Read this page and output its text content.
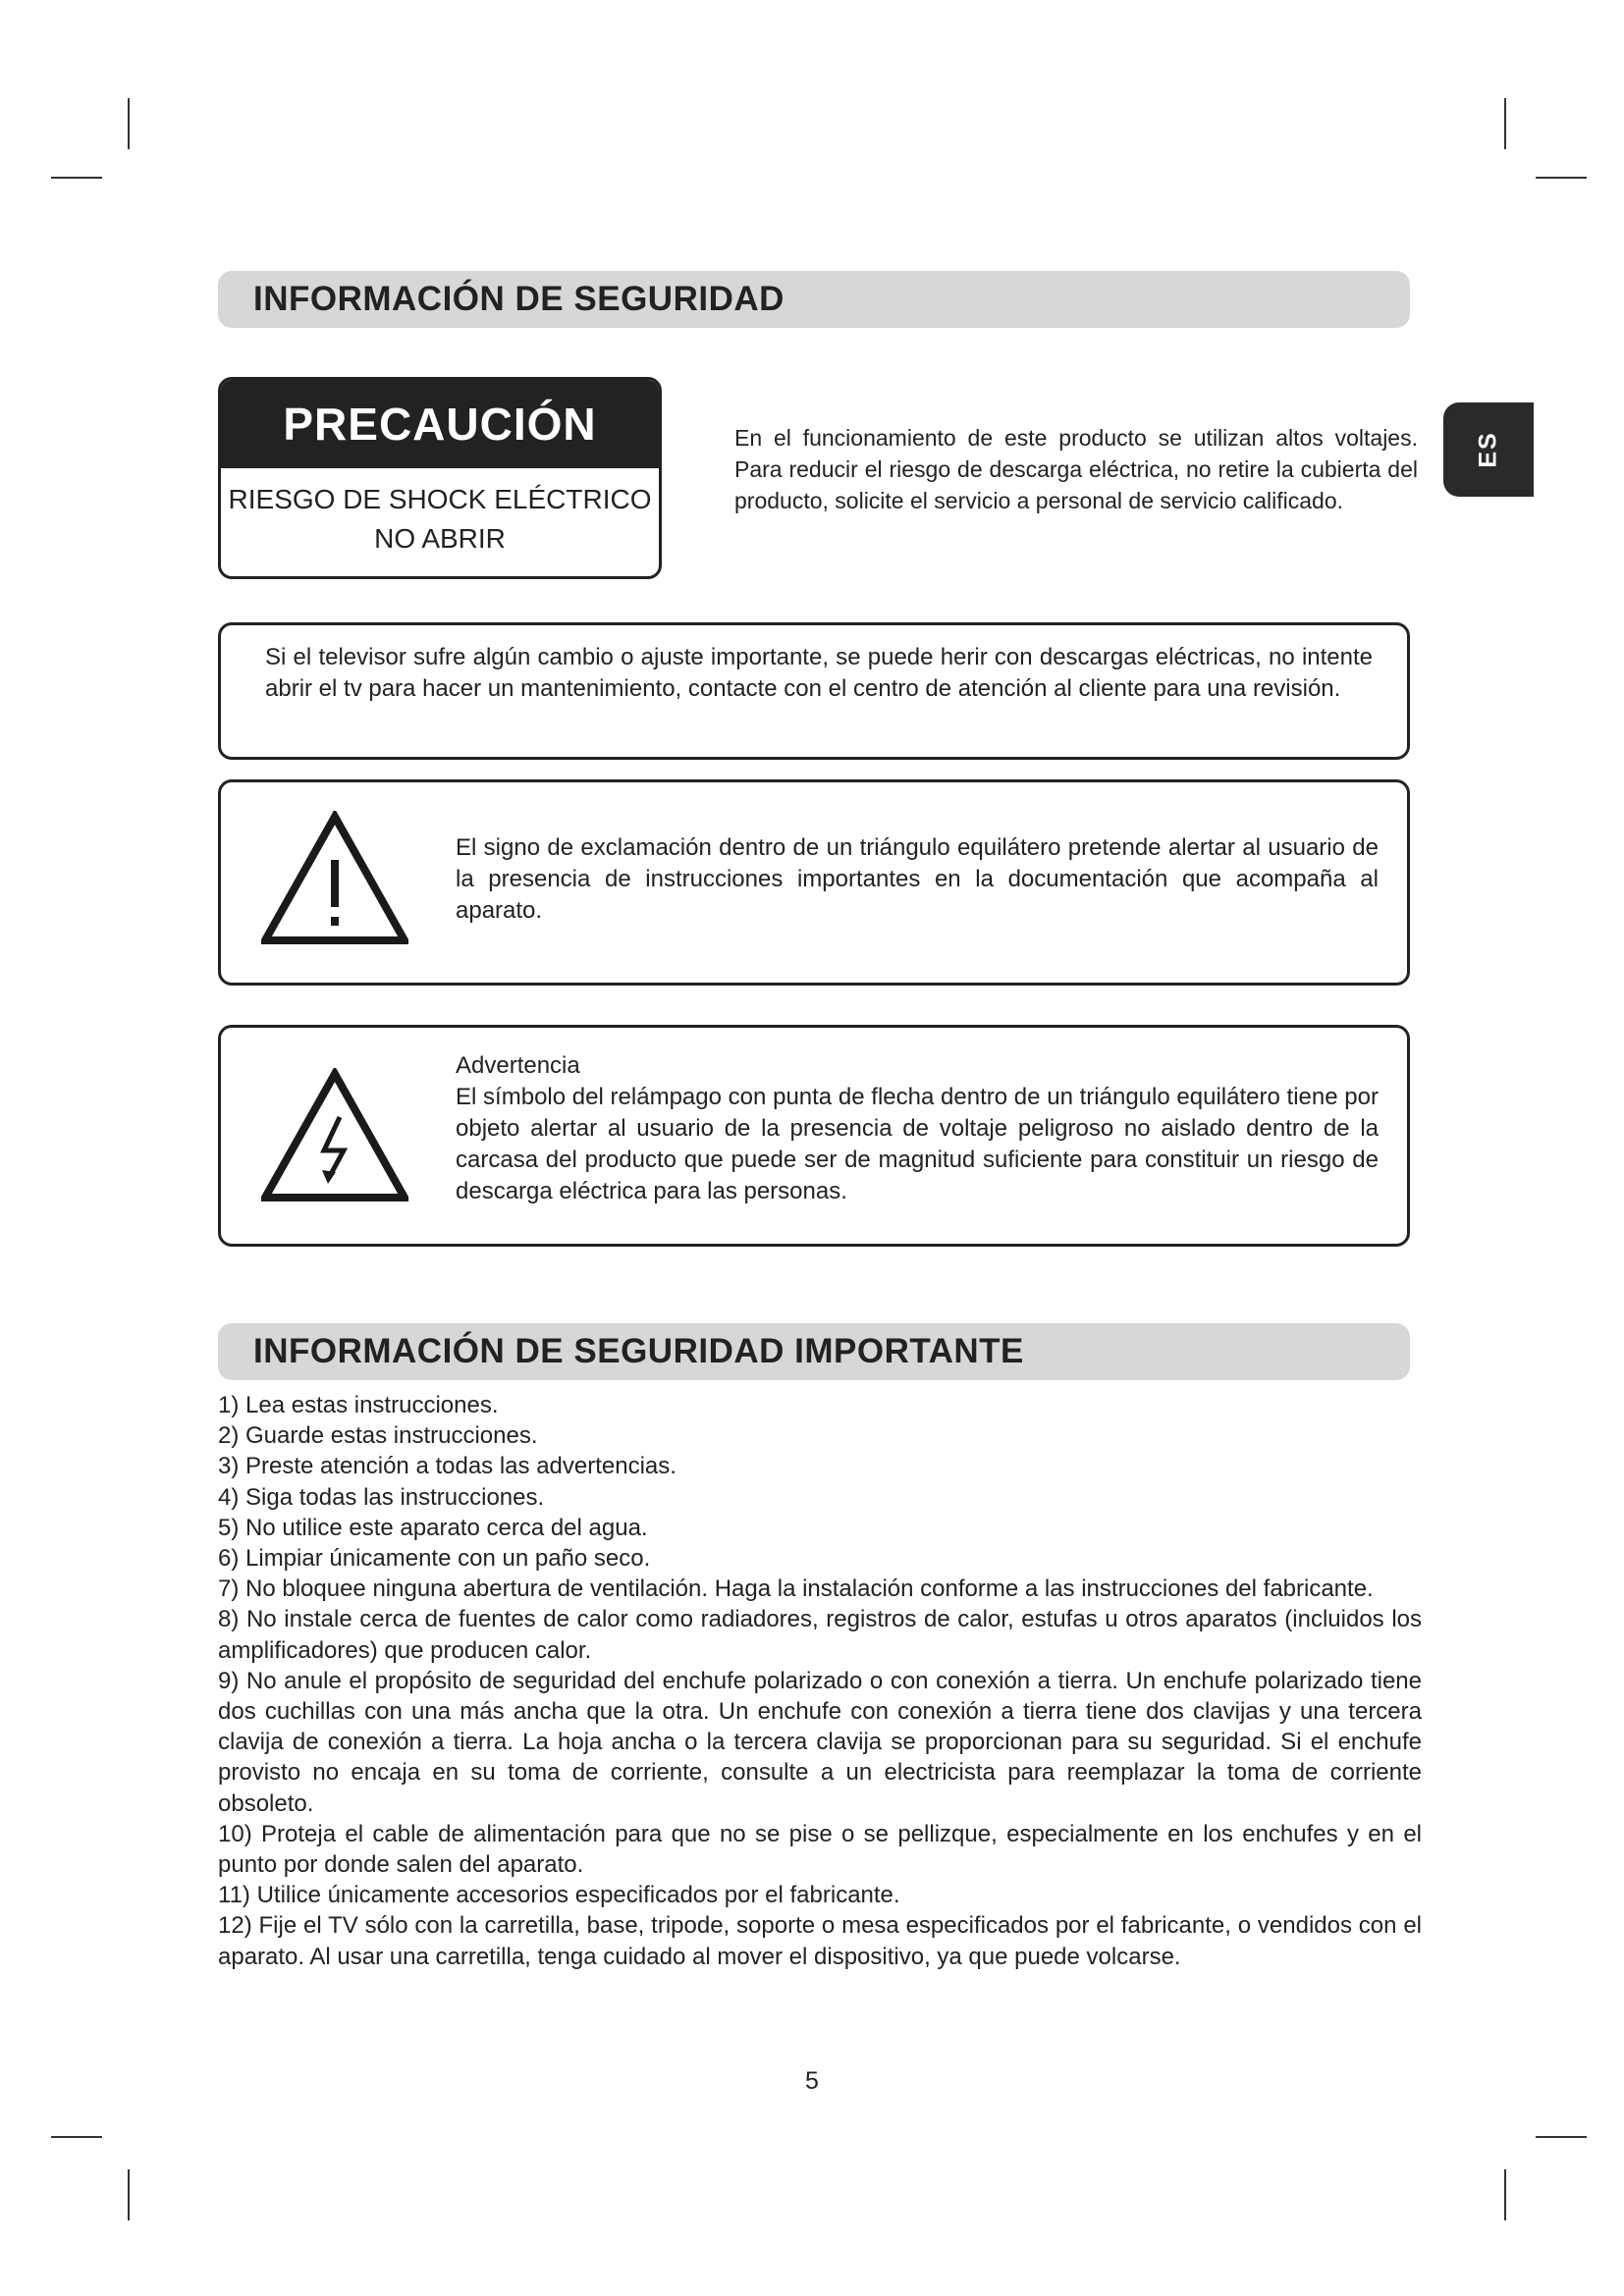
INFORMACIÓN DE SEGURIDAD
PRECAUCIÓN
RIESGO DE SHOCK ELÉCTRICO
NO ABRIR
En el funcionamiento de este producto se utilizan altos voltajes. Para reducir el riesgo de descarga eléctrica, no retire la cubierta del producto, solicite el servicio a personal de servicio calificado.
ES
Si el televisor sufre algún cambio o ajuste importante, se puede herir con descargas eléctricas, no intente abrir el tv para hacer un mantenimiento, contacte con el centro de atención al cliente para una revisión.
El signo de exclamación dentro de un triángulo equilátero pretende alertar al usuario de la presencia de instrucciones importantes en la documentación que acompaña al aparato.
Advertencia
El símbolo del relámpago con punta de flecha dentro de un triángulo equilátero tiene por objeto alertar al usuario de la presencia de voltaje peligroso no aislado dentro de la carcasa del producto que puede ser de magnitud suficiente para constituir un riesgo de descarga eléctrica para las personas.
INFORMACIÓN DE SEGURIDAD IMPORTANTE
1) Lea estas instrucciones.
2) Guarde estas instrucciones.
3) Preste atención a todas las advertencias.
4) Siga todas las instrucciones.
5) No utilice este aparato cerca del agua.
6) Limpiar únicamente con un paño seco.
7) No bloquee ninguna abertura de ventilación. Haga la instalación conforme a las instrucciones del fabricante.
8) No instale cerca de fuentes de calor como radiadores, registros de calor, estufas u otros aparatos (incluidos los amplificadores) que producen calor.
9) No anule el propósito de seguridad del enchufe polarizado o con conexión a tierra. Un enchufe polarizado tiene dos cuchillas con una más ancha que la otra. Un enchufe con conexión a tierra tiene dos clavijas y una tercera clavija de conexión a tierra. La hoja ancha o la tercera clavija se proporcionan para su seguridad. Si el enchufe provisto no encaja en su toma de corriente, consulte a un electricista para reemplazar la toma de corriente obsoleto.
10) Proteja el cable de alimentación para que no se pise o se pellizque, especialmente en los enchufes y en el punto por donde salen del aparato.
11) Utilice únicamente accesorios especificados por el fabricante.
12) Fije el TV sólo con la carretilla, base, tripode, soporte o mesa especificados por el fabricante, o vendidos con el aparato. Al usar una carretilla, tenga cuidado al mover el dispositivo, ya que puede volcarse.
5
